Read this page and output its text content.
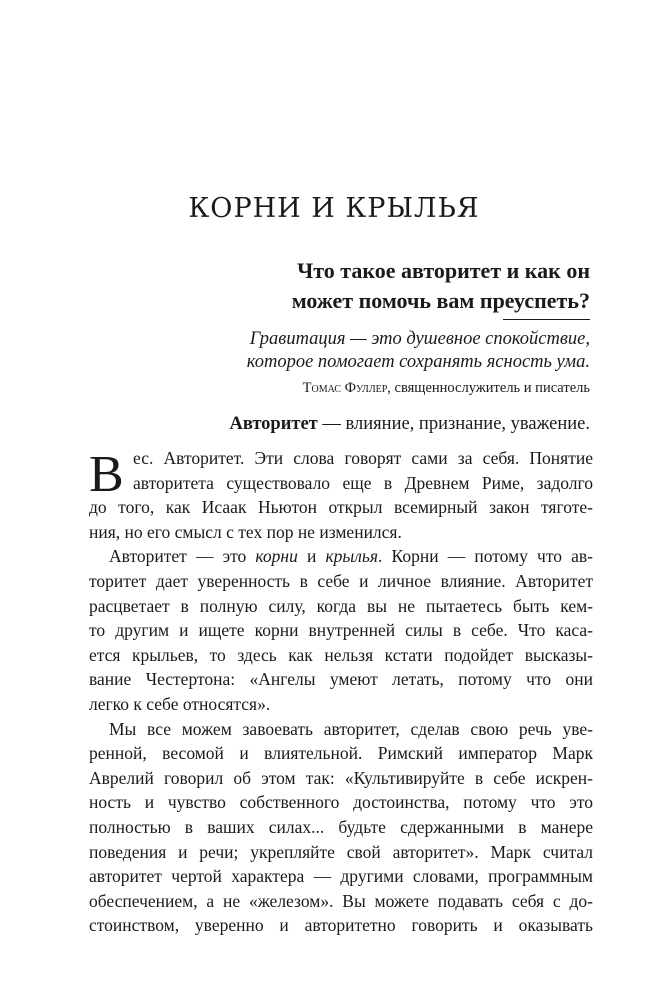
КОРНИ И КРЫЛЬЯ
Что такое авторитет и как он
может помочь вам преуспеть?
Гравитация — это душевное спокойствие,
которое помогает сохранять ясность ума.
Томас Фуллер, священнослужитель и писатель
Авторитет — влияние, признание, уважение.
В ес. Авторитет. Эти слова говорят сами за себя. Понятие
авторитета существовало еще в Древнем Риме, задолго
до того, как Исаак Ньютон открыл всемирный закон тяготе-
ния, но его смысл с тех пор не изменился.
Авторитет — это корни и крылья. Корни — потому что ав-
торитет дает уверенность в себе и личное влияние. Авторитет
расцветает в полную силу, когда вы не пытаетесь быть кем-
то другим и ищете корни внутренней силы в себе. Что каса-
ется крыльев, то здесь как нельзя кстати подойдет высказы-
вание Честертона: «Ангелы умеют летать, потому что они
легко к себе относятся».
Мы все можем завоевать авторитет, сделав свою речь уве-
ренной, весомой и влиятельной. Римский император Марк
Аврелий говорил об этом так: «Культивируйте в себе искрен-
ность и чувство собственного достоинства, потому что это
полностью в ваших силах... будьте сдержанными в манере
поведения и речи; укрепляйте свой авторитет». Марк считал
авторитет чертой характера — другими словами, программным
обеспечением, а не «железом». Вы можете подавать себя с до-
стоинством, уверенно и авторитетно говорить и оказывать
